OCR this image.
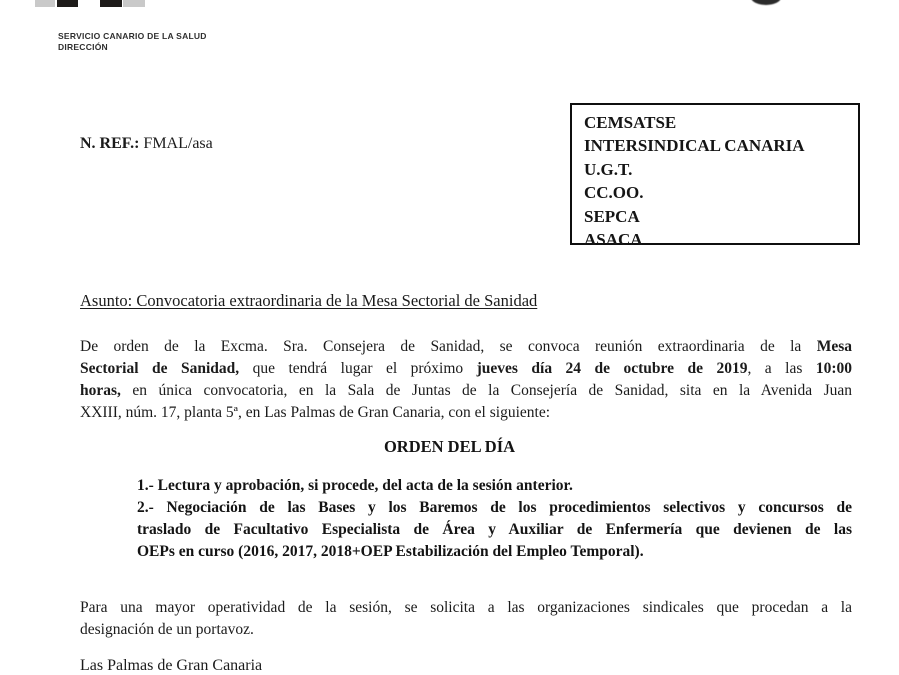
SERVICIO CANARIO DE LA SALUD
DIRECCIÓN
N. REF.: FMAL/asa
CEMSATSE
INTERSINDICAL CANARIA
U.G.T.
CC.OO.
SEPCA
ASACA
Asunto: Convocatoria extraordinaria de la Mesa Sectorial de Sanidad
De orden de la Excma. Sra. Consejera de Sanidad, se convoca reunión extraordinaria de la Mesa
Sectorial de Sanidad, que tendrá lugar el próximo jueves día 24 de octubre de 2019, a las 10:00
horas, en única convocatoria, en la Sala de Juntas de la Consejería de Sanidad, sita en la Avenida Juan
XXIII, núm. 17, planta 5ª, en Las Palmas de Gran Canaria, con el siguiente:
ORDEN DEL DÍA
1.- Lectura y aprobación, si procede, del acta de la sesión anterior.
2.- Negociación de las Bases y los Baremos de los procedimientos selectivos y concursos de
traslado de Facultativo Especialista de Área y Auxiliar de Enfermería que devienen de las
OEPs en curso (2016, 2017, 2018+OEP Estabilización del Empleo Temporal).
Para una mayor operatividad de la sesión, se solicita a las organizaciones sindicales que procedan a la
designación de un portavoz.
Las Palmas de Gran Canaria
